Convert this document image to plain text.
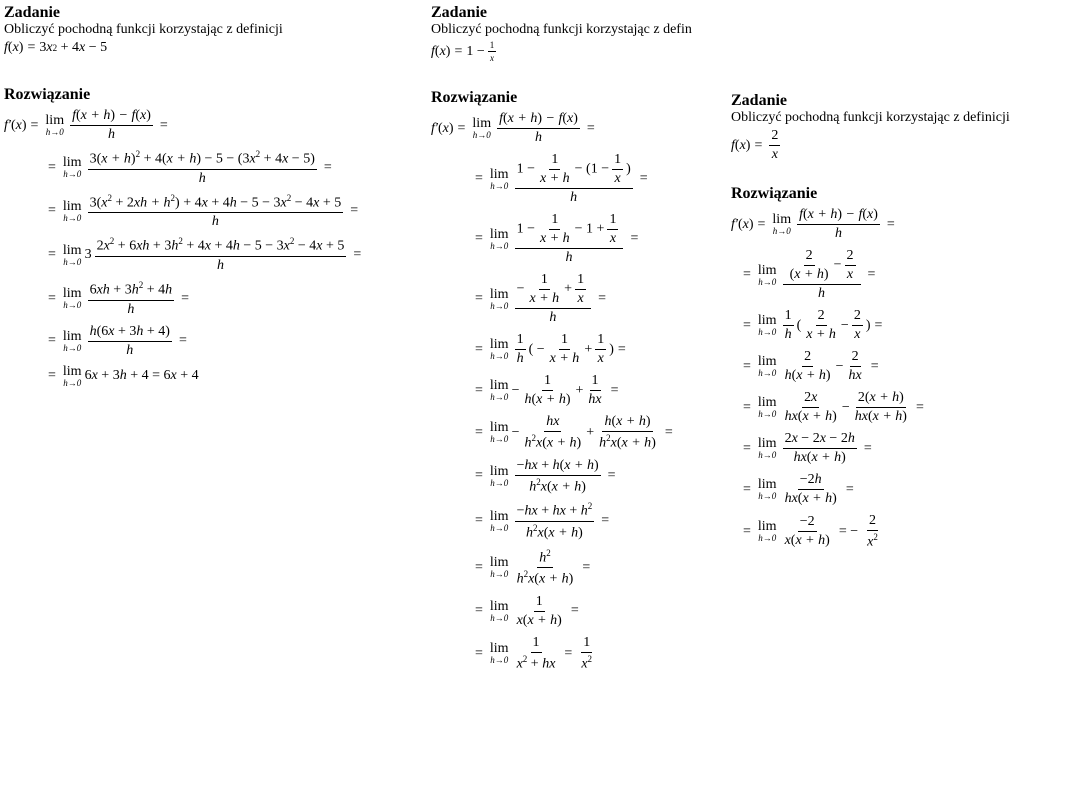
Zadanie
Obliczyć pochodną funkcji korzystając z definicji
f ( x ) = 3 x 2 + 4 x − 5
Rozwiązanie
f′ ( x ) = lim
$h\to 0 \frac{f(x + h) - f(x)}{h}$ =
= lim
$h\to 0 \frac{3(x + h)^2 + 4(x + h) - 5 - (3x^2 + 4x - 5)}{h}$ =
= lim
$h\to 0 \frac{3(x^2 + 2xh + h^2) + 4x + 4h - 5 - 3x^2 - 4x + 5}{h}$ =
= lim
h→0 $3 \frac{2x^2 + 6xh + 3h^2 + 4x + 4h - 5 - 3x^2 - 4x + 5}{h}$ =
= lim
$h\to 0 \frac{6xh + 3h^2 + 4h}{h}$ =
= lim
$h\to 0 \frac{h(6x + 3h + 4)}{h}$ =
= lim
h→0 6 x + 3 h + 4 = 6 x + 4
Zadanie
Obliczyć pochodną funkcji korzystając z defin
f ( x ) = $1 - \frac{1}{x}$
Rozwiązanie
f′ ( x ) = lim
$h\to 0 \frac{f(x + h) - f(x)}{h}$ =
= lim
$h\to 0 \frac{1 - \frac{1}{x + h} - (1 - \frac{1}{x} )}{h}$ =
= lim
$h\to 0 \frac{1 - \frac{1}{x + h} - 1 + \frac{1}{x}}{h}$ =
= lim
$h\to 0 \frac{- \frac{1}{x + h} + \frac{1}{x}}{h}$ =
= lim
$h\to 0 \frac{1}{h}$ ( − $\frac{1}{x + h} + \frac{1}{x}$ ) =
= lim
$h\to 0 - \frac{1}{h(x + h)} + \frac{1}{hx}$ =
= lim
$h\to 0 - \frac{hx}{h^2x(x + h)} + \frac{h(x + h)}{h^2x(x + h)}$ =
= lim
$h\to 0 \frac{-hx + h(x + h)}{h^2x(x + h)}$ =
= lim
$h\to 0 \frac{-hx + hx + h^2}{h^2x(x + h)}$ =
= lim
$h\to 0 \frac{h^2}{h^2x(x + h)}$ =
= lim
$h\to 0 \frac{1}{x(x + h)}$ =
= lim
$h\to 0 \frac{1}{x^2 + hx} = \frac{1}{x^2}$
Zadanie
Obliczyć pochodną funkcji korzystając z definicji
f ( x ) = $\frac{2}{x}$
Rozwiązanie
f′ ( x ) = lim
$h\to 0 \frac{f(x + h) - f(x)}{h}$ =
= lim
$h\to 0 \frac{\frac{2}{(x + h)} - \frac{2}{x}}{h}$ =
= lim
$h\to 0 \frac{1}{h}$ ( $\frac{2}{x + h} - \frac{2}{x}$ ) =
= lim
$h\to 0 \frac{2}{h(x + h)} - \frac{2}{hx}$ =
= lim
$h\to 0 \frac{2x}{hx(x + h)} - \frac{2(x + h)}{hx(x + h)}$ =
= lim
$h\to 0 \frac{2x - 2x - 2h}{hx(x + h)}$ =
= lim
$h\to 0 \frac{-2h}{hx(x + h)}$ =
= lim
$h\to 0 \frac{-2}{x(x + h)}$ = − $\frac{2}{x^2}$
